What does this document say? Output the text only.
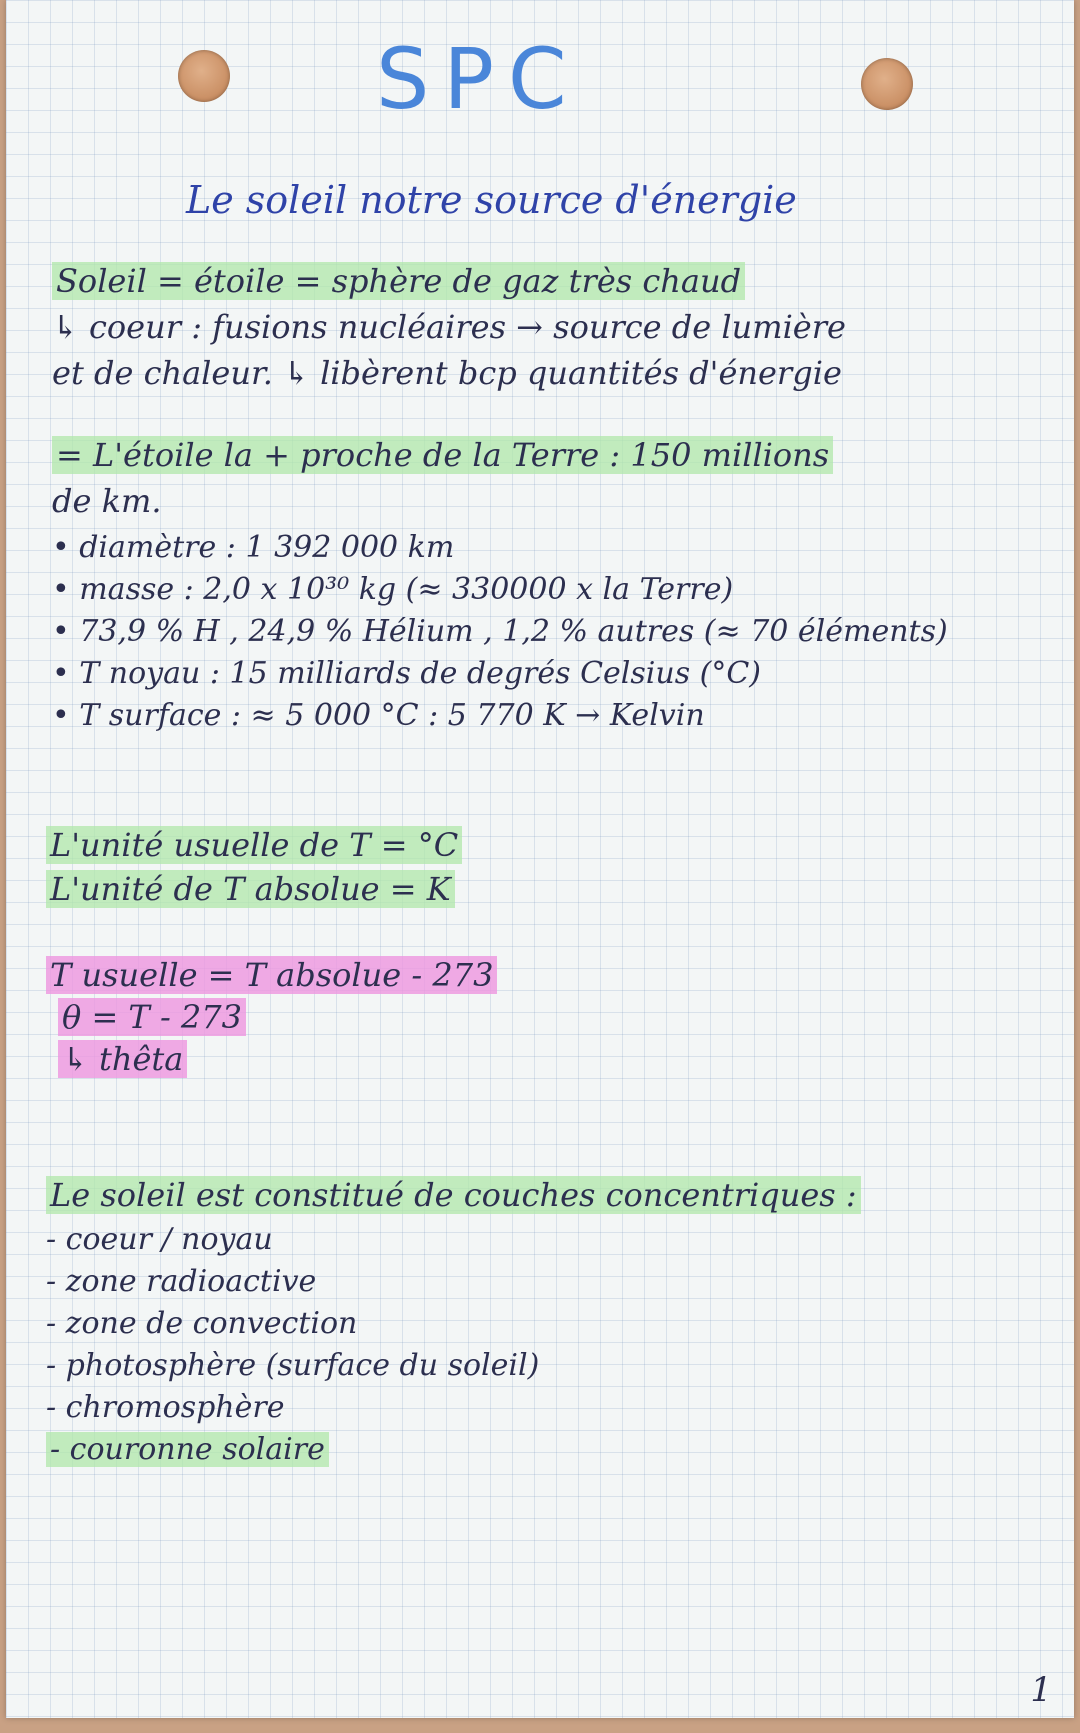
SPC
Le soleil notre source d'énergie
Soleil = étoile = sphère de gaz très chaud
↳ coeur : fusions nucléaires → source de lumière
et de chaleur. ↳ libèrent bcp quantités d'énergie
= L'étoile la + proche de la Terre : 150 millions
de km.
• diamètre : 1 392 000 km
• masse : 2,0 x 10³⁰ kg (≈ 330000 x la Terre)
• 73,9 % H , 24,9 % Hélium , 1,2 % autres (≈ 70 éléments)
• T noyau : 15 milliards de degrés Celsius (°C)
• T surface : ≈ 5 000 °C : 5 770 K → Kelvin
L'unité usuelle de T = °C
L'unité de T absolue = K
T usuelle = T absolue - 273
θ = T - 273
↳ thêta
Le soleil est constitué de couches concentriques :
- coeur / noyau
- zone radioactive
- zone de convection
- photosphère (surface du soleil)
- chromosphère
- couronne solaire
1
